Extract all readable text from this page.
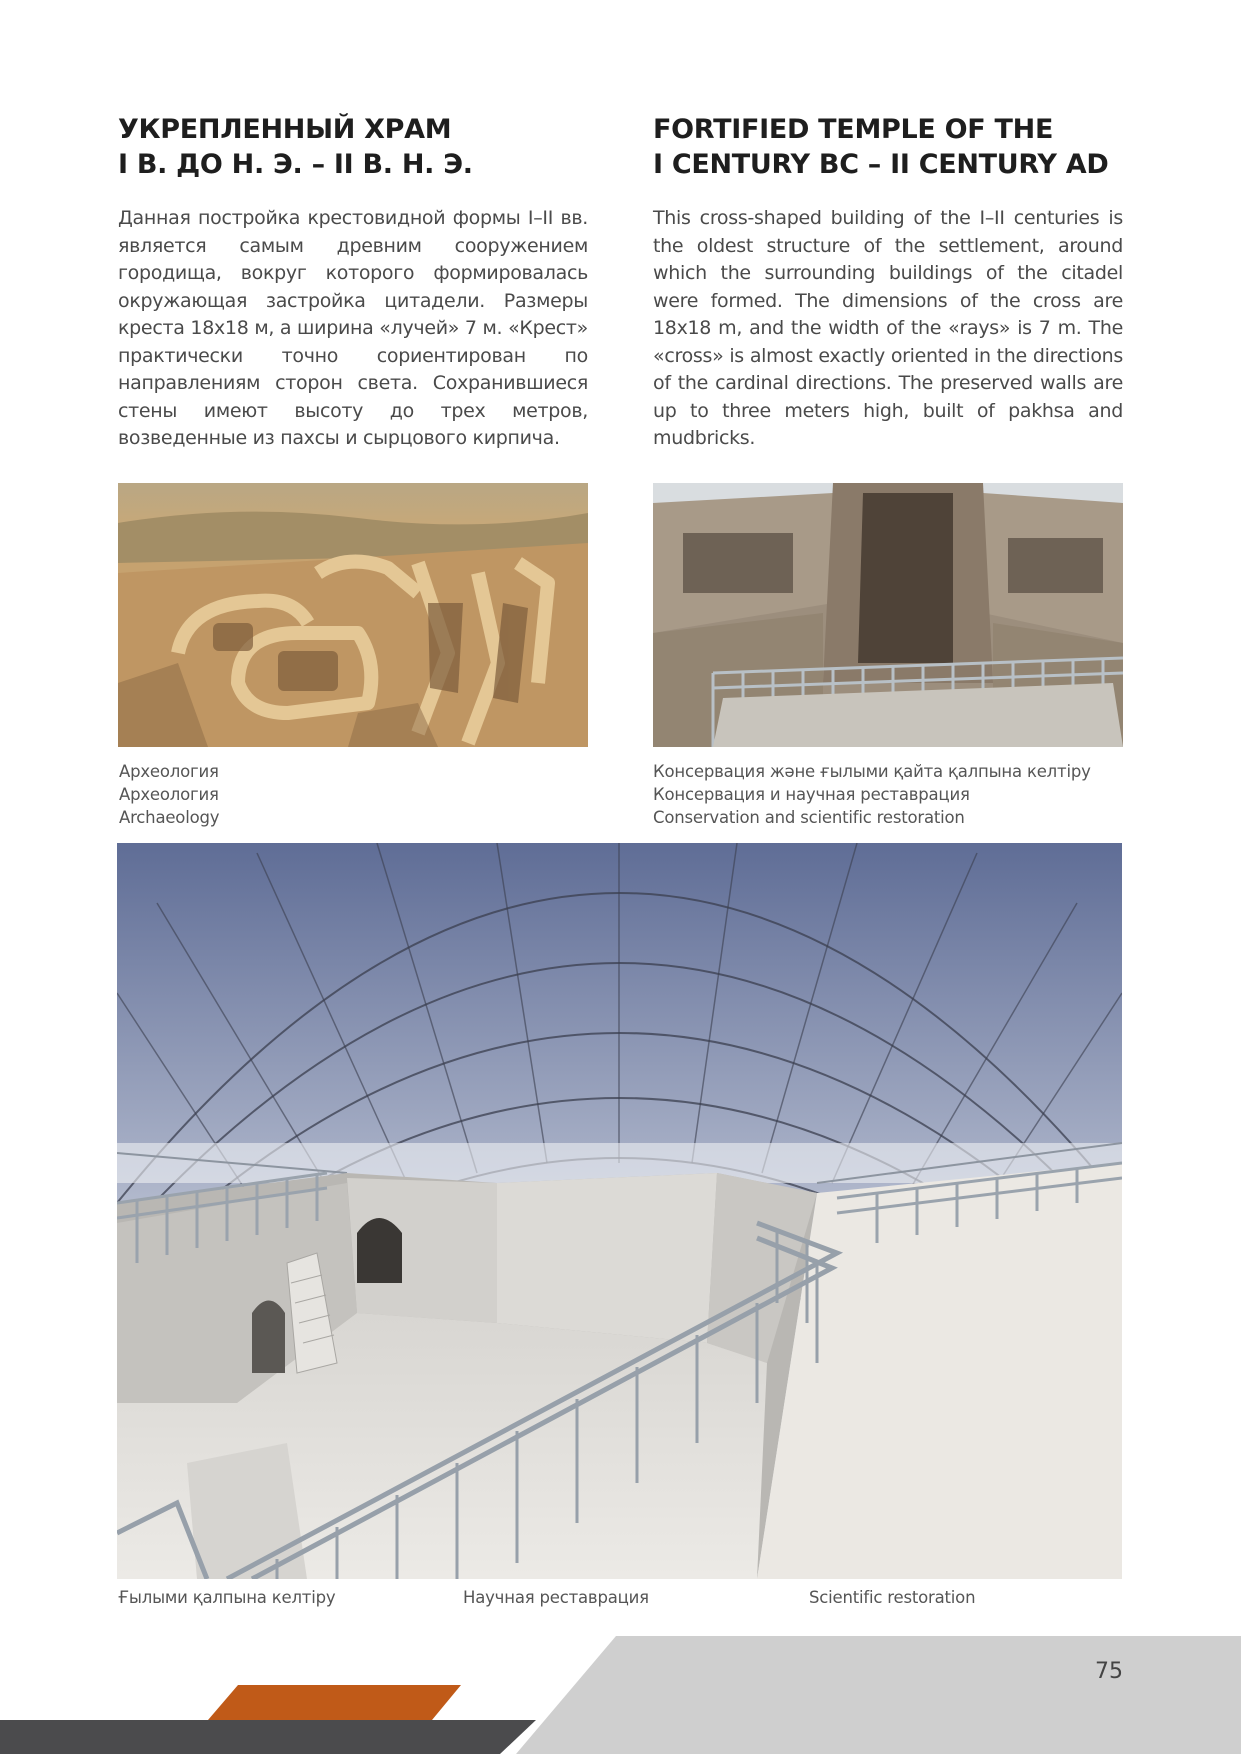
УКРЕПЛЕННЫЙ ХРАМ
I В. ДО Н. Э. – II В. Н. Э.
FORTIFIED TEMPLE OF THE
I CENTURY BC – II CENTURY AD

Данная постройка крестовидной формы I–II вв. является самым древним сооружением городища, вокруг которого формировалась окружающая застройка цитадели. Размеры креста 18х18 м, а ширина «лучей» 7 м. «Крест» практически точно сориентирован по направлениям сторон света. Сохранившиеся стены имеют высоту до трех метров, возведенные из пахсы и сырцового кирпича.

This cross-shaped building of the I–II centuries is the oldest structure of the settlement, around which the surrounding buildings of the citadel were formed. The dimensions of the cross are 18x18 m, and the width of the «rays» is 7 m. The «cross» is almost exactly oriented in the directions of the cardinal directions. The preserved walls are up to three meters high, built of pakhsa and mudbricks.

Археология
Археология
Archaeology
Консервация және ғылыми қайта қалпына келтіру
Консервация и научная реставрация
Conservation and scientific restoration
Ғылыми қалпына келтіру	Научная реставрация	Scientific restoration
75
